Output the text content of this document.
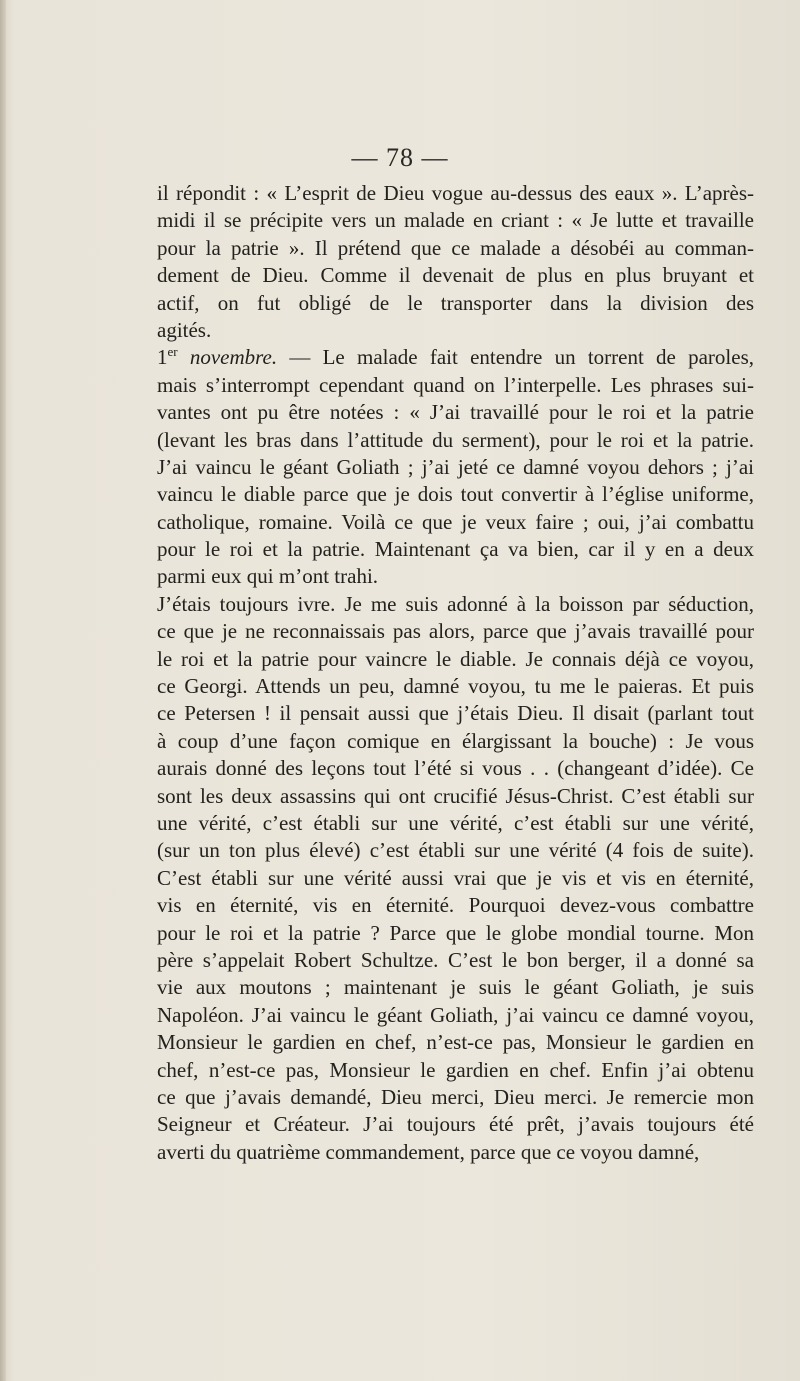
— 78 —
il répondit : « L’esprit de Dieu vogue au-dessus des eaux ». L’après-
midi il se précipite vers un malade en criant : « Je lutte et travaille
pour la patrie ». Il prétend que ce malade a désobéi au comman-
dement de Dieu. Comme il devenait de plus en plus bruyant et
actif, on fut obligé de le transporter dans la division des
agités.
1er novembre. — Le malade fait entendre un torrent de paroles,
mais s’interrompt cependant quand on l’interpelle. Les phrases sui-
vantes ont pu être notées : « J’ai travaillé pour le roi et la patrie
(levant les bras dans l’attitude du serment), pour le roi et la patrie.
J’ai vaincu le géant Goliath ; j’ai jeté ce damné voyou dehors ; j’ai
vaincu le diable parce que je dois tout convertir à l’église uniforme,
catholique, romaine. Voilà ce que je veux faire ; oui, j’ai combattu
pour le roi et la patrie. Maintenant ça va bien, car il y en a deux
parmi eux qui m’ont trahi.
J’étais toujours ivre. Je me suis adonné à la boisson par séduction,
ce que je ne reconnaissais pas alors, parce que j’avais travaillé pour
le roi et la patrie pour vaincre le diable. Je connais déjà ce voyou,
ce Georgi. Attends un peu, damné voyou, tu me le paieras. Et puis
ce Petersen ! il pensait aussi que j’étais Dieu. Il disait (parlant tout
à coup d’une façon comique en élargissant la bouche) : Je vous
aurais donné des leçons tout l’été si vous . . (changeant d’idée). Ce
sont les deux assassins qui ont crucifié Jésus-Christ. C’est établi sur
une vérité, c’est établi sur une vérité, c’est établi sur une vérité,
(sur un ton plus élevé) c’est établi sur une vérité (4 fois de suite).
C’est établi sur une vérité aussi vrai que je vis et vis en éternité,
vis en éternité, vis en éternité. Pourquoi devez-vous combattre
pour le roi et la patrie ? Parce que le globe mondial tourne. Mon
père s’appelait Robert Schultze. C’est le bon berger, il a donné sa
vie aux moutons ; maintenant je suis le géant Goliath, je suis
Napoléon. J’ai vaincu le géant Goliath, j’ai vaincu ce damné voyou,
Monsieur le gardien en chef, n’est-ce pas, Monsieur le gardien en
chef, n’est-ce pas, Monsieur le gardien en chef. Enfin j’ai obtenu
ce que j’avais demandé, Dieu merci, Dieu merci. Je remercie mon
Seigneur et Créateur. J’ai toujours été prêt, j’avais toujours été
averti du quatrième commandement, parce que ce voyou damné,
